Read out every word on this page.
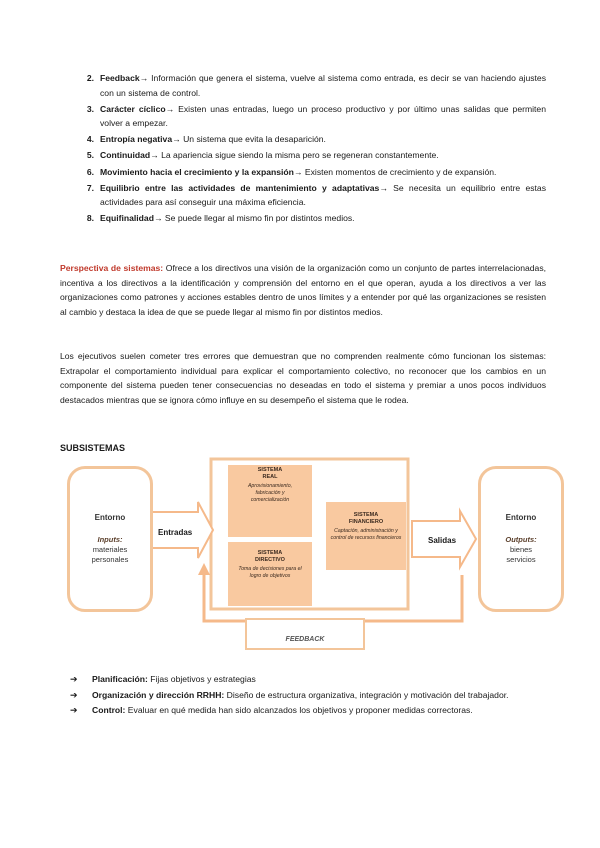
2. Feedback→ Información que genera el sistema, vuelve al sistema como entrada, es decir se van haciendo ajustes con un sistema de control.
3. Carácter cíclico→ Existen unas entradas, luego un proceso productivo y por último unas salidas que permiten volver a empezar.
4. Entropía negativa→ Un sistema que evita la desaparición.
5. Continuidad→ La apariencia sigue siendo la misma pero se regeneran constantemente.
6. Movimiento hacia el crecimiento y la expansión→ Existen momentos de crecimiento y de expansión.
7. Equilibrio entre las actividades de mantenimiento y adaptativas→ Se necesita un equilibrio entre estas actividades para así conseguir una máxima eficiencia.
8. Equifinalidad→ Se puede llegar al mismo fin por distintos medios.
Perspectiva de sistemas: Ofrece a los directivos una visión de la organización como un conjunto de partes interrelacionadas, incentiva a los directivos a la identificación y comprensión del entorno en el que operan, ayuda a los directivos a ver las organizaciones como patrones y acciones estables dentro de unos límites y a entender por qué las organizaciones se resisten al cambio y destaca la idea de que se puede llegar al mismo fin por distintos medios.
Los ejecutivos suelen cometer tres errores que demuestran que no comprenden realmente cómo funcionan los sistemas: Extrapolar el comportamiento individual para explicar el comportamiento colectivo, no reconocer que los cambios en un componente del sistema pueden tener consecuencias no deseadas en todo el sistema y premiar a unos pocos individuos destacados mientras que se ignora cómo influye en su desempeño el sistema que le rodea.
SUBSISTEMAS
Entorno
Inputs:
materiales
personales
Entorno
Outputs:
bienes
servicios
Entradas
Salidas
SISTEMA
REAL
Aprovisionamiento, fabricación y comercialización
SISTEMA
DIRECTIVO
Toma de decisiones para el logro de objetivos
SISTEMA
FINANCIERO
Captación, administración y control de recursos financieros
FEEDBACK
➔	Planificación: Fijas objetivos y estrategias
➔	Organización y dirección RRHH: Diseño de estructura organizativa, integración y motivación del trabajador.
➔	Control: Evaluar en qué medida han sido alcanzados los objetivos y proponer medidas correctoras.
